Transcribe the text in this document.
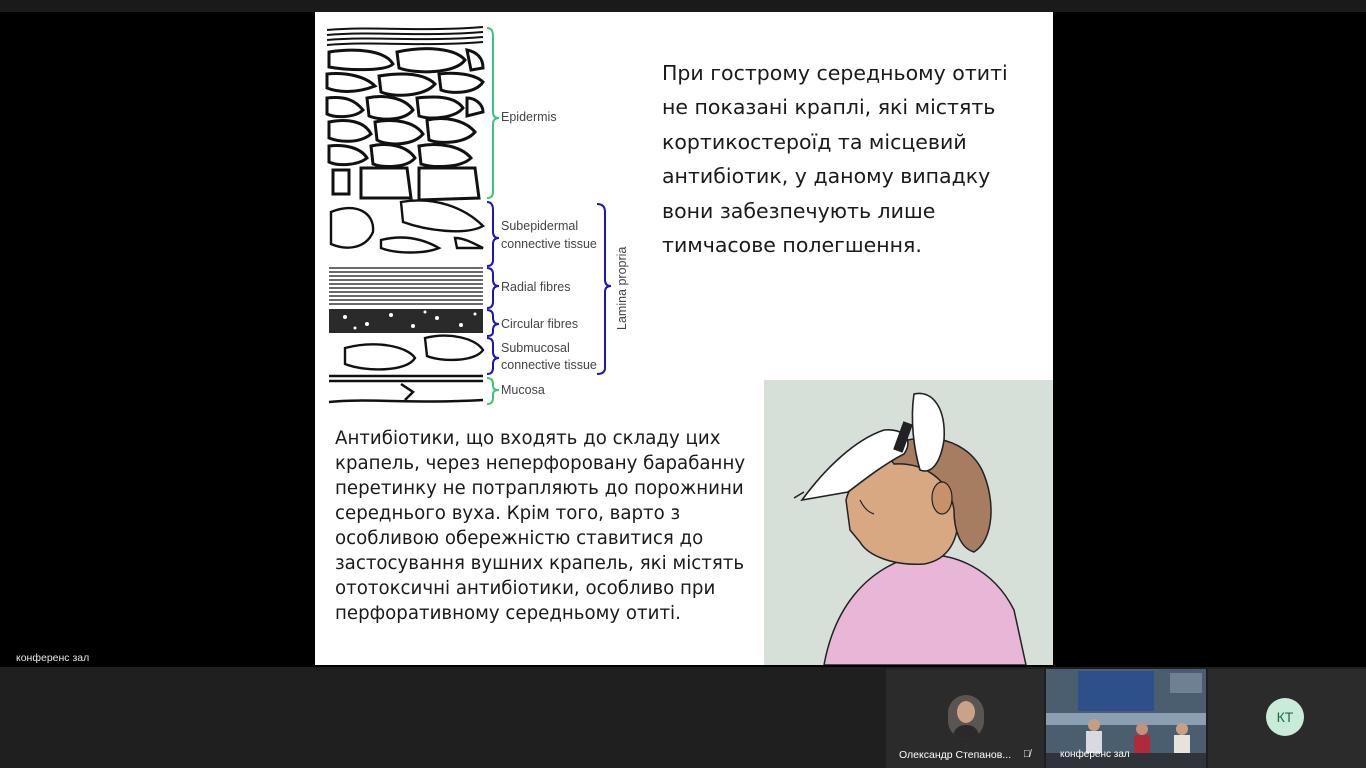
Epidermis
Subepidermal
connective tissue
Radial fibres
Circular fibres
Submucosal
connective tissue
Mucosa
Lamina propria
При гострому середньому отиті не показані краплі, які містять кортикостероїд та місцевий антибіотик, у даному випадку вони забезпечують лише тимчасове полегшення.
Антибіотики, що входять до складу цих крапель, через неперфоровану барабанну перетинку не потрапляють до порожнини середнього вуха. Крім того, варто з особливою обережністю ставитися до застосування вушних крапель, які містять ототоксичні антибіотики, особливо при перфоративному середньому отиті.
конференс зал
Олександр Степанов... 🎙̸	конференс зал
КТ
